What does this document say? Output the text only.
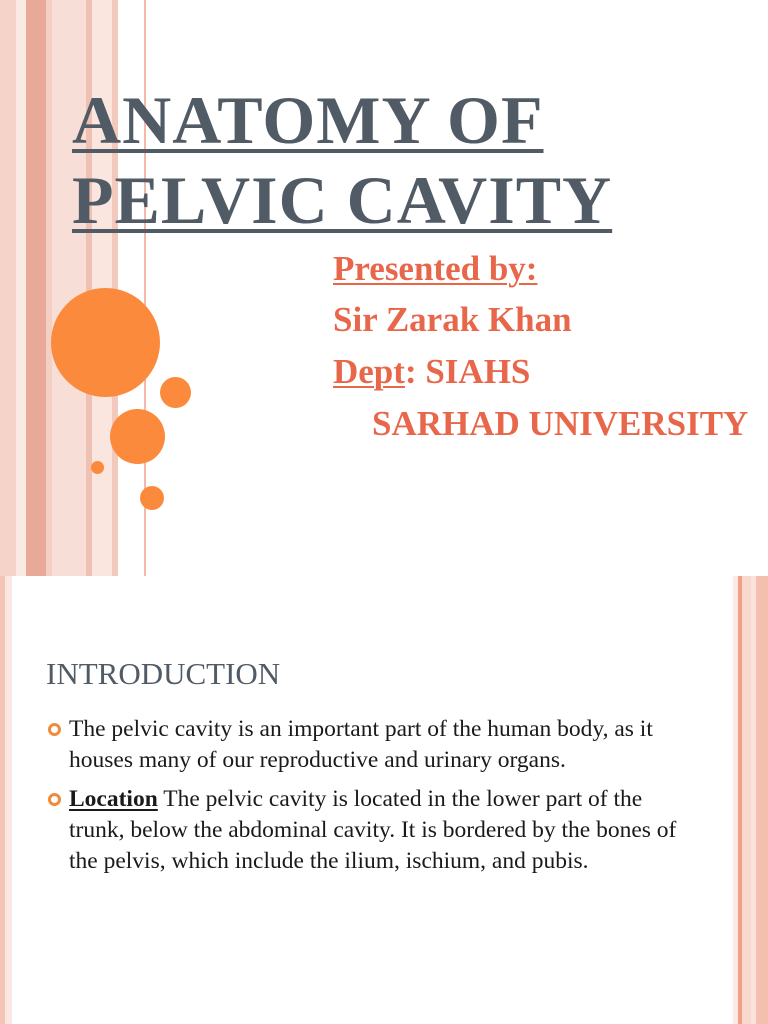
ANATOMY OF
PELVIC CAVITY
Presented by:
Sir Zarak Khan
Dept: SIAHS
SARHAD UNIVERSITY
INTRODUCTION
The pelvic cavity is an important part of the human body, as it houses many of our reproductive and urinary organs.
Location The pelvic cavity is located in the lower part of the trunk, below the abdominal cavity. It is bordered by the bones of the pelvis, which include the ilium, ischium, and pubis.
